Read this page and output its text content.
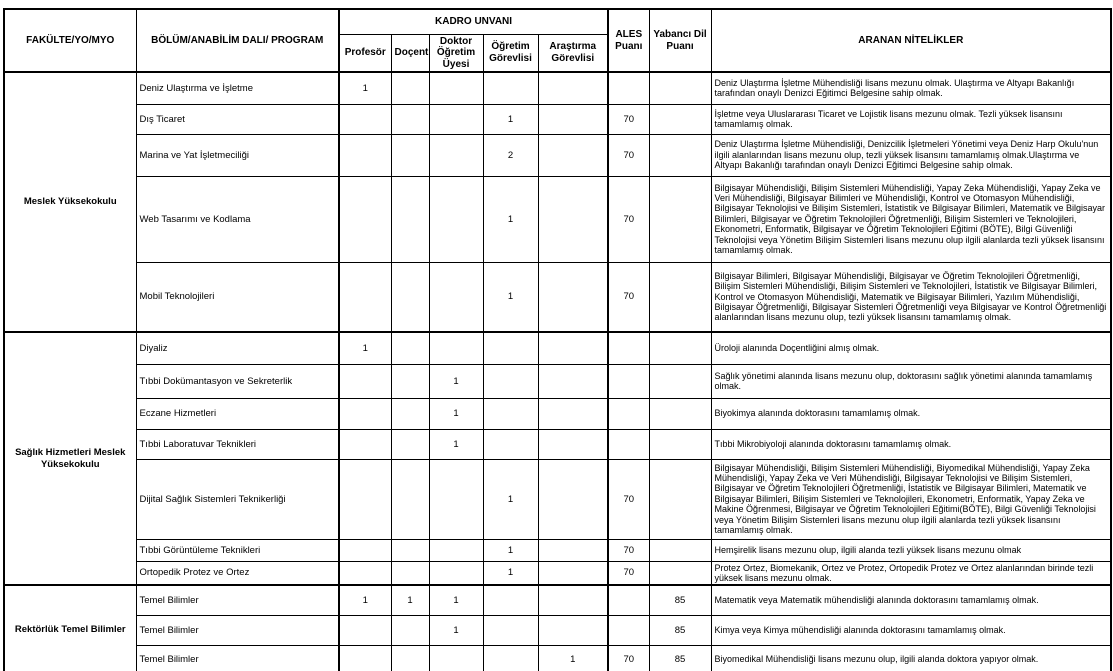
FAKÜLTE/YO/MYO	BÖLÜM/ANABİLİM DALI/ PROGRAM	KADRO UNVANI					ALES Puanı	Yabancı Dil Puanı	ARANAN NİTELİKLER
		Profesör	Doçent	Doktor Öğretim Üyesi	Öğretim Görevlisi	Araştırma Görevlisi			
Meslek Yüksekokulu	Deniz Ulaştırma ve İşletme	1							Deniz Ulaştırma İşletme Mühendisliği lisans mezunu olmak. Ulaştırma ve Altyapı Bakanlığı tarafından onaylı Denizci Eğitimci Belgesine sahip olmak.
	Dış Ticaret				1		70		İşletme veya Uluslararası Ticaret ve Lojistik lisans mezunu olmak. Tezli yüksek lisansını tamamlamış olmak.
	Marina ve Yat İşletmeciliği				2		70		Deniz Ulaştırma İşletme Mühendisliği, Denizcilik İşletmeleri Yönetimi veya Deniz Harp Okulu'nun ilgili alanlarından lisans mezunu olup, tezli yüksek lisansını tamamlamış olmak.Ulaştırma ve Altyapı Bakanlığı tarafından onaylı Denizci Eğitimci Belgesine sahip olmak.
	Web Tasarımı ve Kodlama				1		70		Bilgisayar Mühendisliği, Bilişim Sistemleri Mühendisliği, Yapay Zeka Mühendisliği, Yapay Zeka ve Veri Mühendisliği, Bilgisayar Bilimleri ve Mühendisliği, Kontrol ve Otomasyon Mühendisliği, Bilgisayar Teknolojisi ve Bilişim Sistemleri, İstatistik ve Bilgisayar Bilimleri, Matematik ve Bilgisayar Bilimleri, Bilgisayar ve Öğretim Teknolojileri Öğretmenliği, Bilişim Sistemleri ve Teknolojileri, Ekonometri, Enformatik, Bilgisayar ve Öğretim Teknolojileri Eğitimi (BÖTE), Bilgi Güvenliği Teknolojisi veya Yönetim Bilişim Sistemleri lisans mezunu olup ilgili alanlarda tezli yüksek lisansını tamamlamış olmak.
	Mobil Teknolojileri				1		70		Bilgisayar Bilimleri, Bilgisayar Mühendisliği, Bilgisayar ve Öğretim Teknolojileri Öğretmenliği, Bilişim Sistemleri Mühendisliği, Bilişim Sistemleri ve Teknolojileri, İstatistik ve Bilgisayar Bilimleri, Kontrol ve Otomasyon Mühendisliği, Matematik ve Bilgisayar Bilimleri, Yazılım Mühendisliği, Bilgisayar Öğretmenliği, Bilgisayar Sistemleri Öğretmenliği veya Bilgisayar ve Kontrol Öğretmenliği alanlarından lisans mezunu olup, tezli yüksek lisansını tamamlamış olmak.
Sağlık Hizmetleri Meslek Yüksekokulu	Diyaliz	1							Üroloji alanında Doçentliğini almış olmak.
	Tıbbi Dokümantasyon ve Sekreterlik			1					Sağlık yönetimi alanında lisans mezunu olup, doktorasını sağlık yönetimi alanında tamamlamış olmak.
	Eczane Hizmetleri			1					Biyokimya alanında doktorasını tamamlamış olmak.
	Tıbbi Laboratuvar Teknikleri			1					Tıbbi Mikrobiyoloji alanında doktorasını tamamlamış olmak.
	Dijital Sağlık Sistemleri Teknikerliği				1		70		Bilgisayar Mühendisliği, Bilişim Sistemleri Mühendisliği, Biyomedikal Mühendisliği, Yapay Zeka Mühendisliği, Yapay Zeka ve Veri Mühendisliği, Bilgisayar Teknolojisi ve Bilişim Sistemleri, Bilgisayar ve Öğretim Teknolojileri Öğretmenliği, İstatistik ve Bilgisayar Bilimleri, Matematik ve Bilgisayar Bilimleri, Bilişim Sistemleri ve Teknolojileri, Ekonometri, Enformatik, Yapay Zeka ve Makine Öğrenmesi, Bilgisayar ve Öğretim Teknolojileri Eğitimi(BÖTE), Bilgi Güvenliği Teknolojisi veya Yönetim Bilişim Sistemleri lisans mezunu olup ilgili alanlarda tezli yüksek lisansını tamamlamış olmak.
	Tıbbi Görüntüleme Teknikleri				1		70		Hemşirelik lisans mezunu olup, ilgili alanda tezli yüksek lisans mezunu olmak
	Ortopedik Protez ve Ortez				1		70		Protez Ortez, Biomekanik, Ortez ve Protez, Ortopedik Protez ve Ortez alanlarından birinde tezli yüksek lisans mezunu olmak.
Rektörlük Temel Bilimler	Temel Bilimler	1	1	1				85	Matematik veya Matematik mühendisliği alanında doktorasını tamamlamış olmak.
	Temel Bilimler			1				85	Kimya veya Kimya mühendisliği alanında doktorasını tamamlamış olmak.
	Temel Bilimler					1	70	85	Biyomedikal Mühendisliği lisans mezunu olup, ilgili alanda doktora yapıyor olmak.
